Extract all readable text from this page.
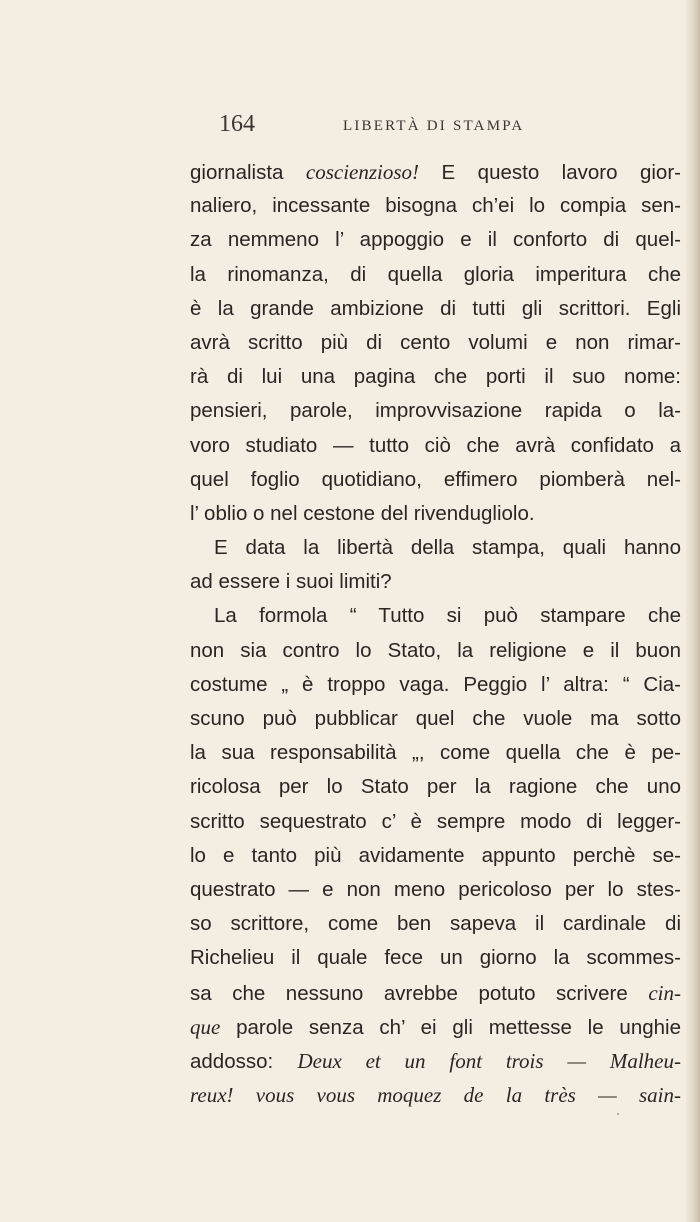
164	LIBERTÀ DI STAMPA
giornalista coscienzioso! E questo lavoro gior-
naliero, incessante bisogna ch’ei lo compia sen-
za nemmeno l’ appoggio e il conforto di quel-
la rinomanza, di quella gloria imperitura che
è la grande ambizione di tutti gli scrittori. Egli
avrà scritto più di cento volumi e non rimar-
rà di lui una pagina che porti il suo nome:
pensieri, parole, improvvisazione rapida o la-
voro studiato — tutto ciò che avrà confidato a
quel foglio quotidiano, effimero piomberà nel-
l’ oblio o nel cestone del rivendugliolo.
E data la libertà della stampa, quali hanno
ad essere i suoi limiti?
La formola “ Tutto si può stampare che
non sia contro lo Stato, la religione e il buon
costume „ è troppo vaga. Peggio l’ altra: “ Cia-
scuno può pubblicar quel che vuole ma sotto
la sua responsabilità „, come quella che è pe-
ricolosa per lo Stato per la ragione che uno
scritto sequestrato c’ è sempre modo di legger-
lo e tanto più avidamente appunto perchè se-
questrato — e non meno pericoloso per lo stes-
so scrittore, come ben sapeva il cardinale di
Richelieu il quale fece un giorno la scommes-
sa che nessuno avrebbe potuto scrivere cin-
que parole senza ch’ ei gli mettesse le unghie
addosso: Deux et un font trois — Malheu-
reux! vous vous moquez de la très — sain-
